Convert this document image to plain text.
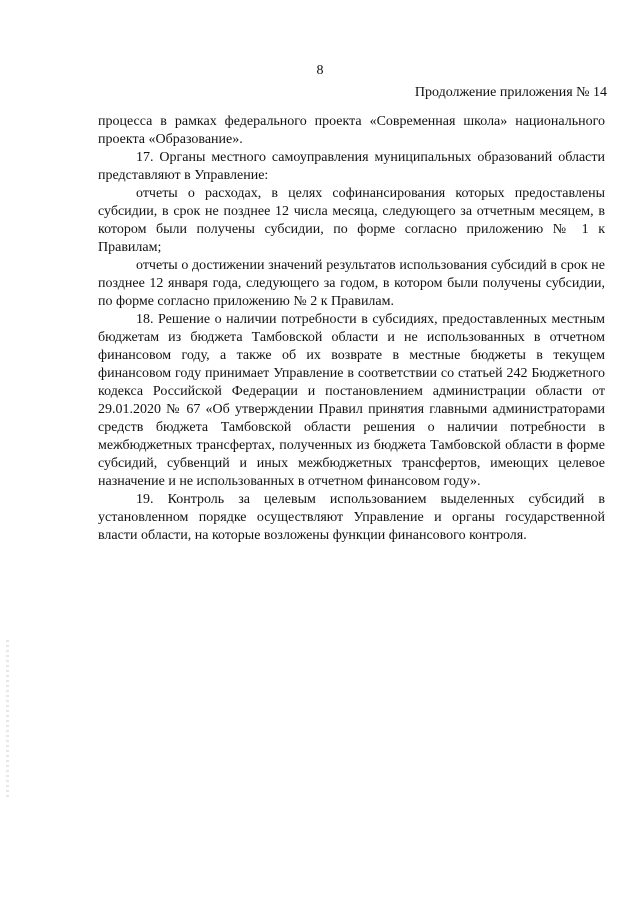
8
Продолжение приложения № 14

процесса в рамках федерального проекта «Современная школа» национального проекта «Образование».

17. Органы местного самоуправления муниципальных образований области представляют в Управление:

отчеты о расходах, в целях софинансирования которых предоставлены субсидии, в срок не позднее 12 числа месяца, следующего за отчетным месяцем, в котором были получены субсидии, по форме согласно приложению № 1 к Правилам;

отчеты о достижении значений результатов использования субсидий в срок не позднее 12 января года, следующего за годом, в котором были получены субсидии, по форме согласно приложению № 2 к Правилам.

18. Решение о наличии потребности в субсидиях, предоставленных местным бюджетам из бюджета Тамбовской области и не использованных в отчетном финансовом году, а также об их возврате в местные бюджеты в текущем финансовом году принимает Управление в соответствии со статьей 242 Бюджетного кодекса Российской Федерации и постановлением администрации области от 29.01.2020 № 67 «Об утверждении Правил принятия главными администраторами средств бюджета Тамбовской области решения о наличии потребности в межбюджетных трансфертах, полученных из бюджета Тамбовской области в форме субсидий, субвенций и иных межбюджетных трансфертов, имеющих целевое назначение и не использованных в отчетном финансовом году».

19. Контроль за целевым использованием выделенных субсидий в установленном порядке осуществляют Управление и органы государственной власти области, на которые возложены функции финансового контроля.
